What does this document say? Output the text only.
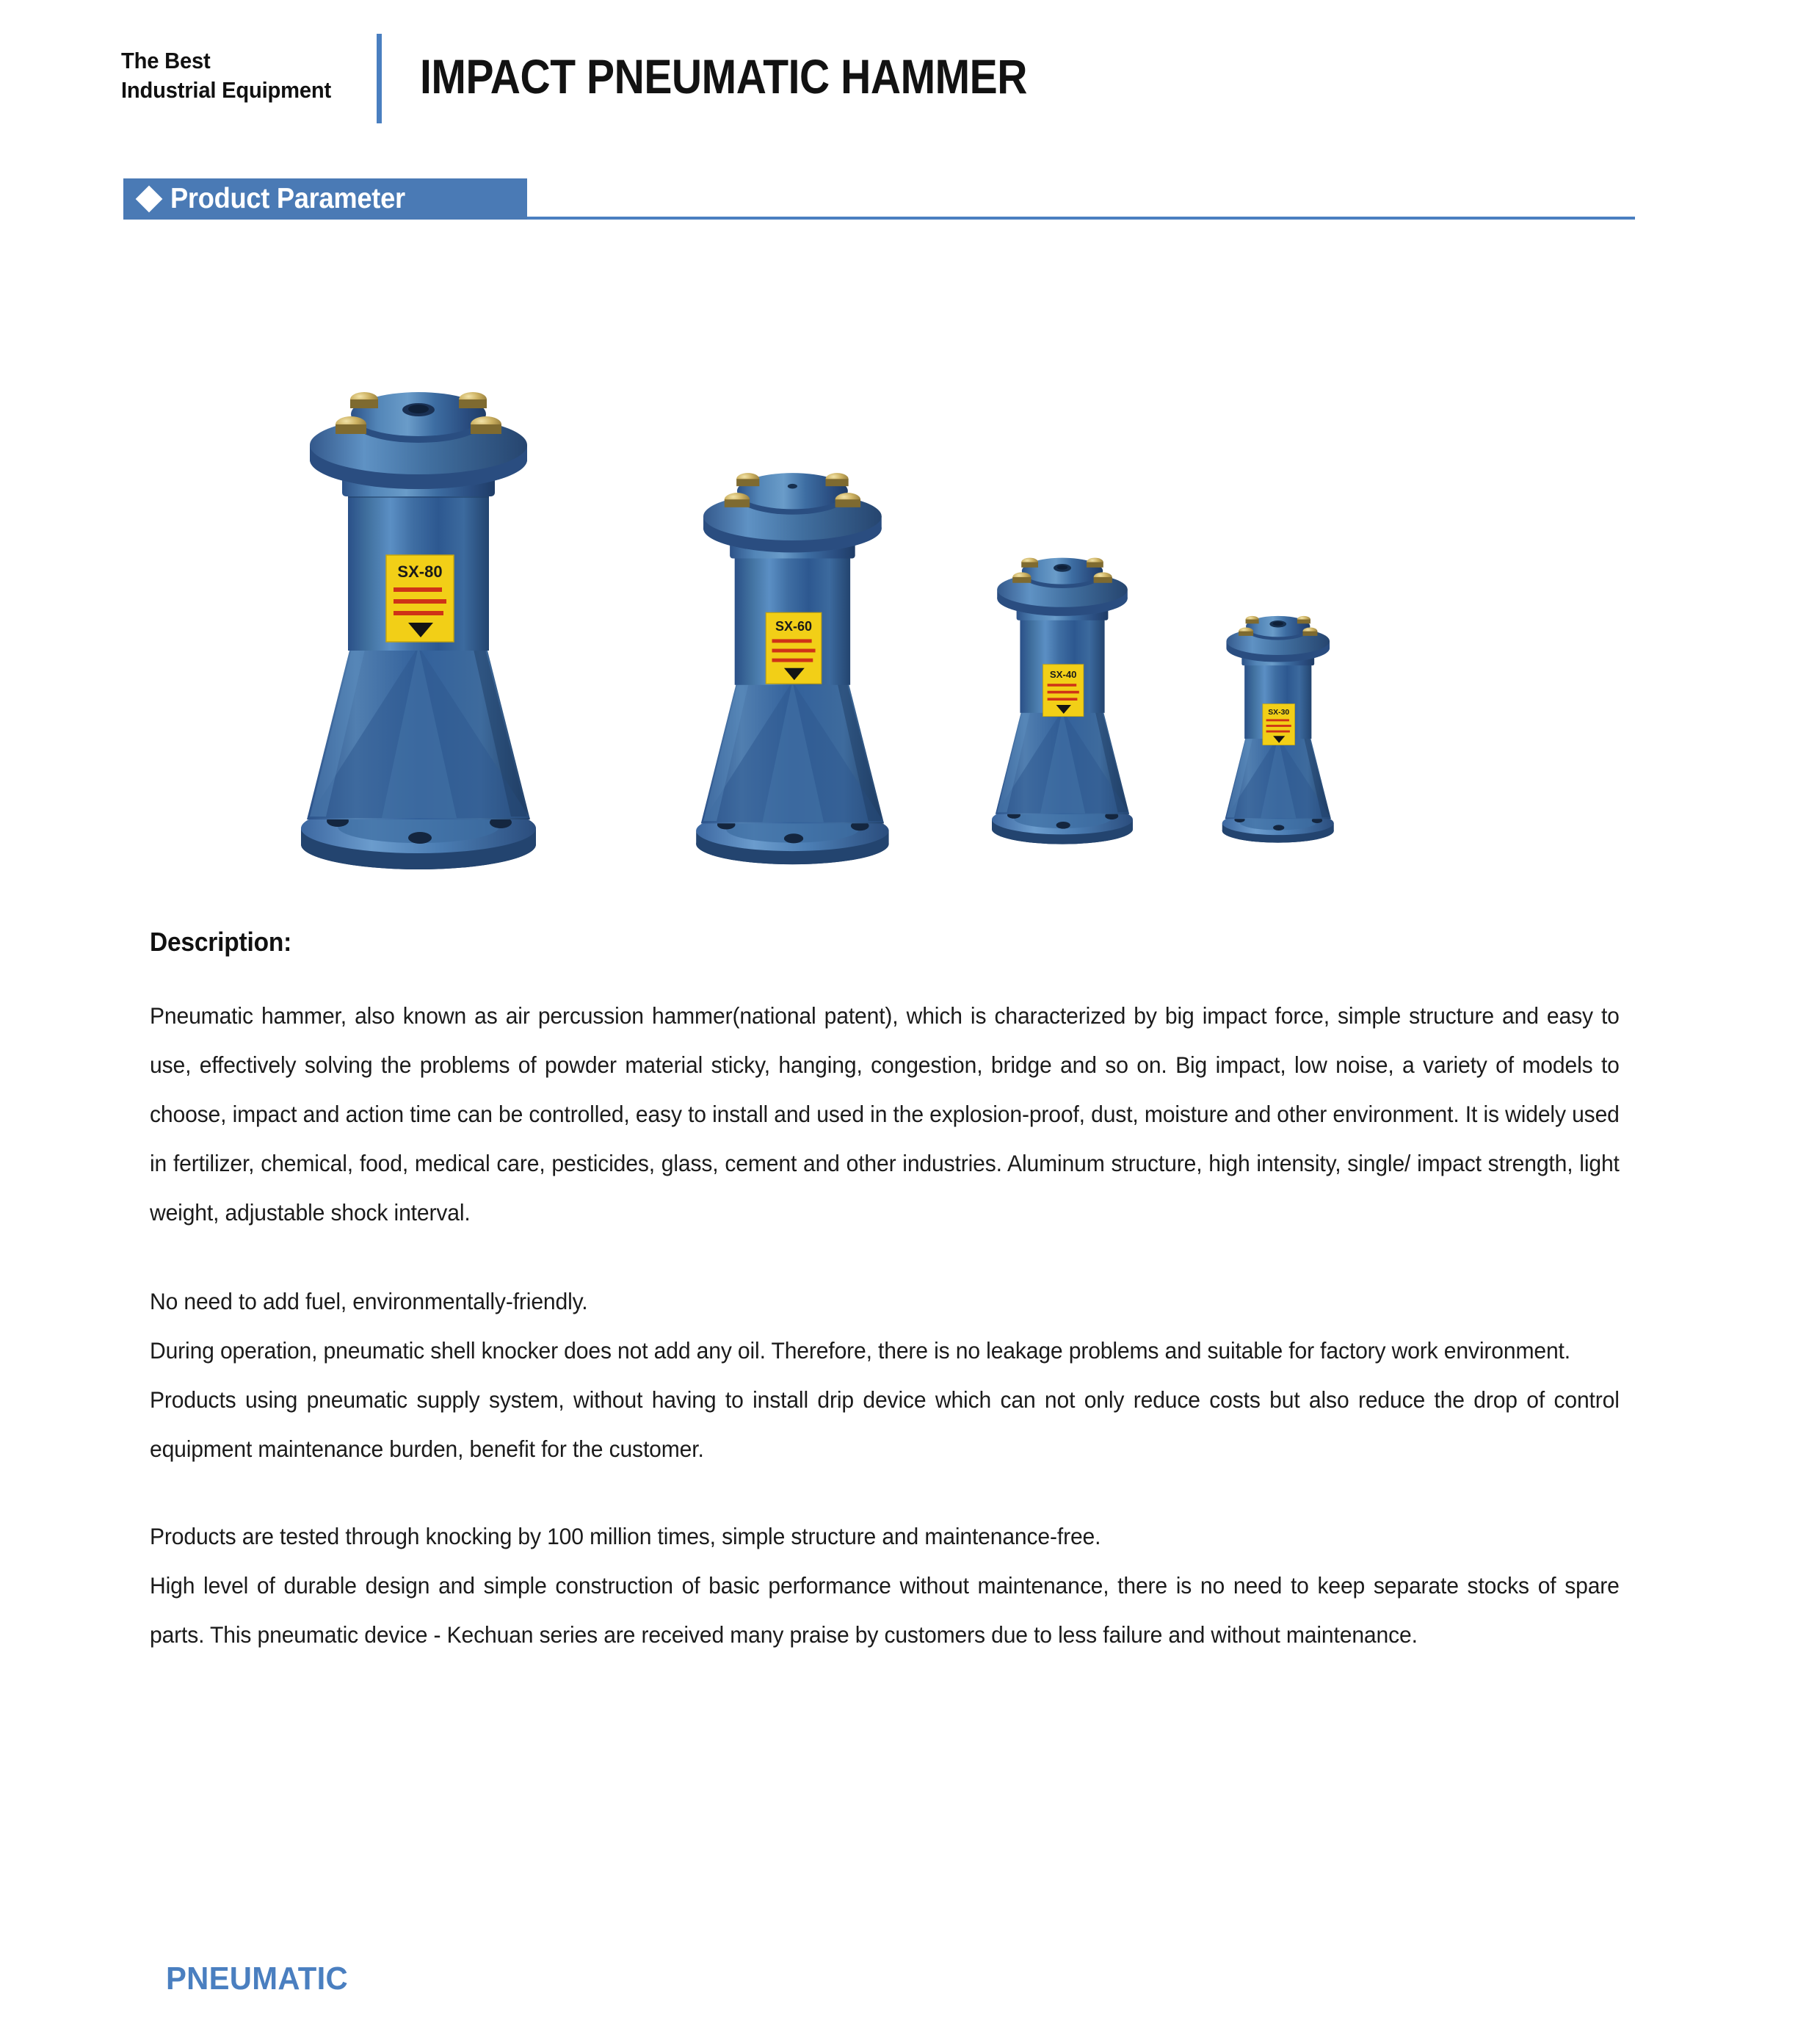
The Best
Industrial Equipment	IMPACT PNEUMATIC HAMMER
Product Parameter
SX-80
SX-60
SX-40
SX-30
Description:

Pneumatic hammer, also known as air percussion hammer(national patent), which is characterized by big impact force, simple structure and easy to use, effectively solving the problems of powder material sticky, hanging, congestion, bridge and so on. Big impact, low noise, a variety of models to choose, impact and action time can be controlled, easy to install and used in the explosion-proof, dust, moisture and other environment. It is widely used in fertilizer, chemical, food, medical care, pesticides, glass, cement and other industries. Aluminum structure, high intensity, single/ impact strength, light weight, adjustable shock interval.

No need to add fuel, environmentally-friendly.

During operation, pneumatic shell knocker does not add any oil. Therefore, there is no leakage problems and suitable for factory work environment.

Products using pneumatic supply system, without having to install drip device which can not only reduce costs but also reduce the drop of control equipment maintenance burden, benefit for the customer.

Products are tested through knocking by 100 million times, simple structure and maintenance-free.

High level of durable design and simple construction of basic performance without maintenance, there is no need to keep separate stocks of spare parts. This pneumatic device - Kechuan series are received many praise by customers due to less failure and without maintenance.

PNEUMATIC
